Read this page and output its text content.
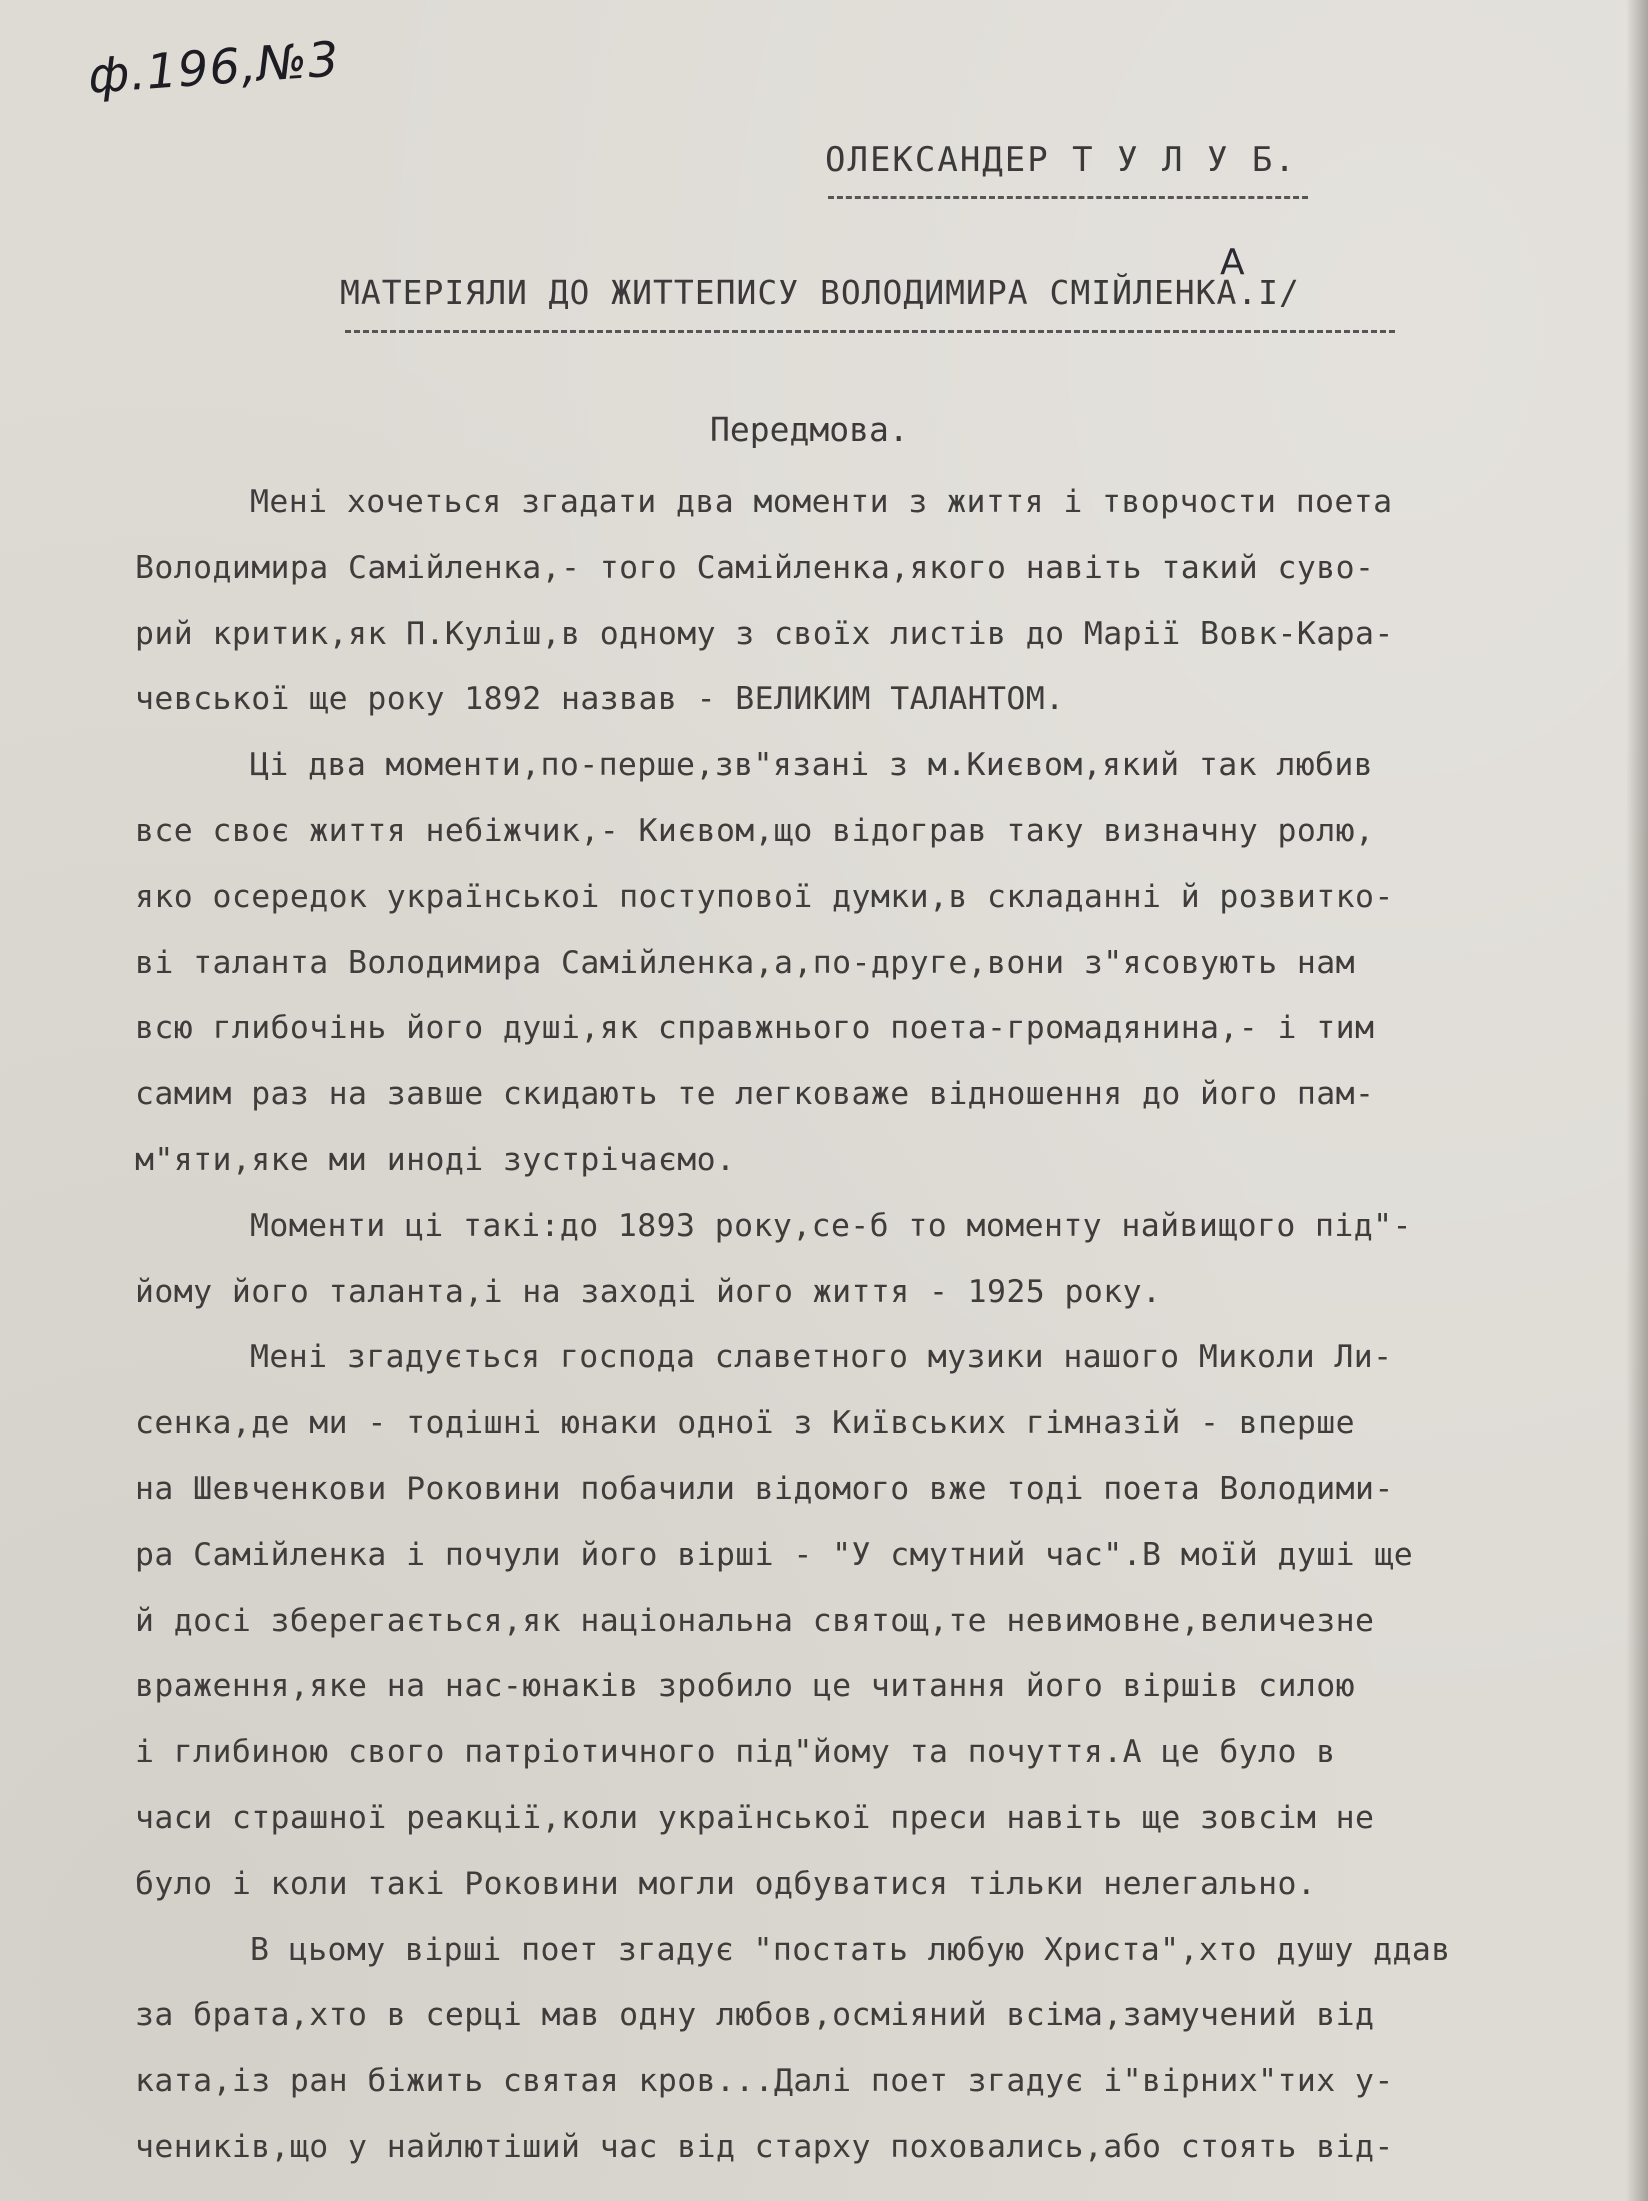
ф.196,№3
ОЛЕКСАНДЕР Т У Л У Б.
А
МАТЕРІЯЛИ ДО ЖИТТЕПИСУ ВОЛОДИМИРА СМІЙЛЕНКА.I/
Передмова.
Мені хочеться згадати два моменти з життя і творчости поета
Володимира Самійленка,- того Самійленка,якого навіть такий суво-
рий критик,як П.Куліш,в одному з своїх листів до Марії Вовк-Кара-
чевської ще року 1892 назвав - ВЕЛИКИМ ТАЛАНТОМ.
Ці два моменти,по-перше,зв"язані з м.Києвом,який так любив
все своє життя небіжчик,- Києвом,що відограв таку визначну ролю,
яко осередок українськоі поступової думки,в складанні й розвитко-
ві таланта Володимира Самійленка,а,по-друге,вони з"ясовують нам
всю глибочінь його душі,як справжнього поета-громадянина,- і тим
самим раз на завше скидають те легковаже відношення до його пам-
м"яти,яке ми иноді зустрічаємо.
Моменти ці такі:до 1893 року,се-б то моменту найвищого під"-
йому його таланта,і на заході його життя - 1925 року.
Мені згадується господа славетного музики нашого Миколи Ли-
сенка,де ми - тодішні юнаки одної з Київських гімназій - вперше
на Шевченкови Роковини побачили відомого вже тоді поета Володими-
ра Самійленка і почули його вірші - "У смутний час".В моїй душі ще
й досі зберегається,як національна святощ,те невимовне,величезне
враження,яке на нас-юнаків зробило це читання його віршів силою
і глибиною свого патріотичного під"йому та почуття.А це було в
часи страшної реакції,коли української преси навіть ще зовсім не
було і коли такі Роковини могли одбуватися тільки нелегально.
В цьому вірші поет згадує "постать любую Христа",хто душу ддав
за брата,хто в серці мав одну любов,осміяний всіма,замучений від
ката,із ран біжить святая кров...Далі поет згадує і"вірних"тих у-
чеників,що у найлютіший час від старху поховались,або стоять від-
